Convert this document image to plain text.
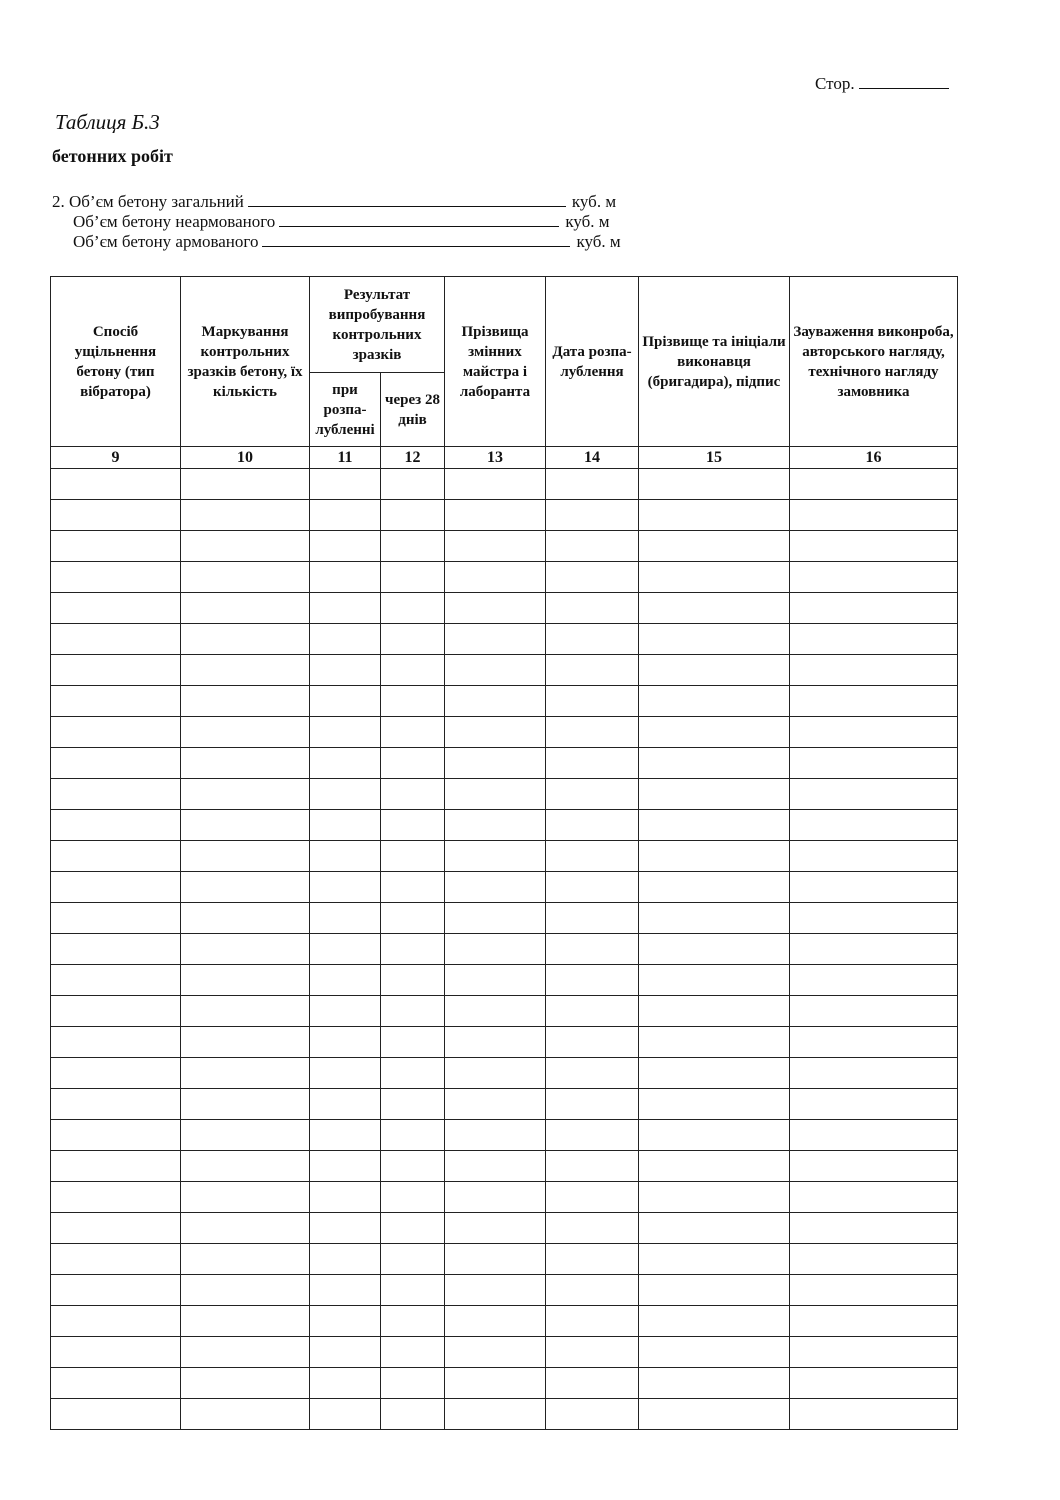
Стор.
Таблиця Б.3
бетонних робіт
2. Об’єм бетону загальний	куб. м
Об’єм бетону неармованого	куб. м
Об’єм бетону армованого	куб. м
Спосіб ущільнення бетону (тип вібратора)	Маркування контрольних зразків бетону, їх кількість	Результат випробування контрольних зразків		Прізвища змінних майстра і лаборанта	Дата розпа-лублення	Прізвище та ініціали виконавця (бригадира), підпис	Зауваження виконроба, авторського нагляду, технічного нагляду замовника
		при розпа-лубленні	через 28 днів				
9	10	11	12	13	14	15	16
